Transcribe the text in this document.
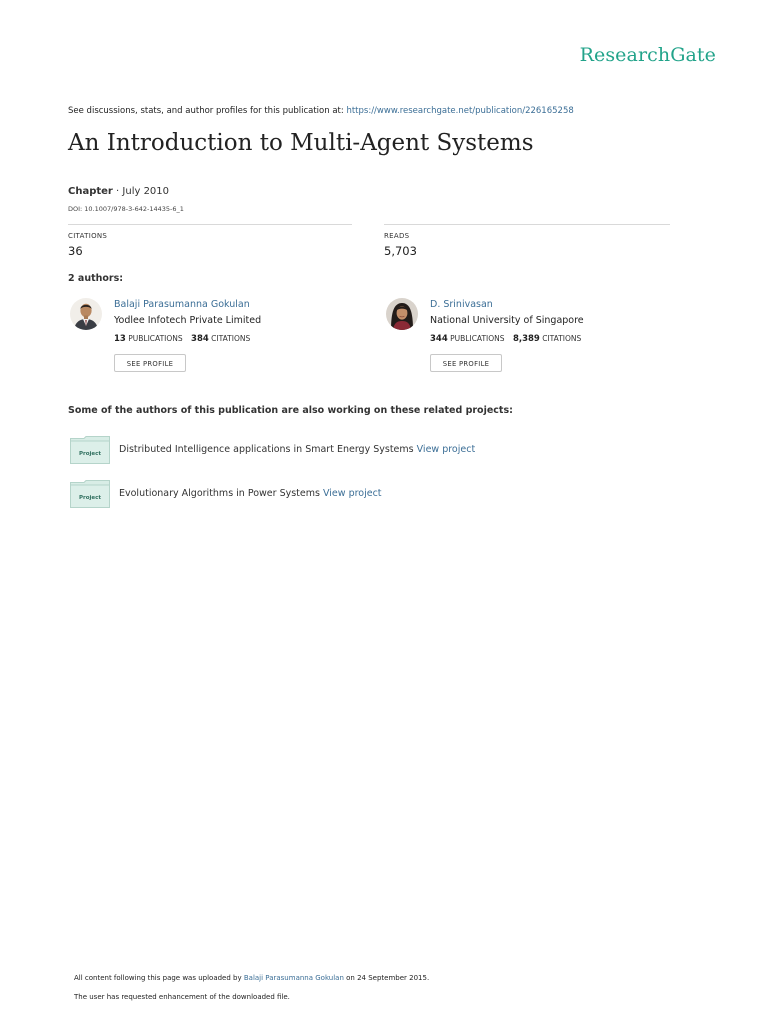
ResearchGate
See discussions, stats, and author profiles for this publication at: https://www.researchgate.net/publication/226165258
An Introduction to Multi-Agent Systems
Chapter · July 2010
DOI: 10.1007/978-3-642-14435-6_1
CITATIONS
36
READS
5,703
2 authors:
Balaji Parasumanna Gokulan
Yodlee Infotech Private Limited
13 PUBLICATIONS 384 CITATIONS
SEE PROFILE
D. Srinivasan
National University of Singapore
344 PUBLICATIONS 8,389 CITATIONS
SEE PROFILE
Some of the authors of this publication are also working on these related projects:
Project Distributed Intelligence applications in Smart Energy Systems View project
Project Evolutionary Algorithms in Power Systems View project
All content following this page was uploaded by Balaji Parasumanna Gokulan on 24 September 2015.
The user has requested enhancement of the downloaded file.
